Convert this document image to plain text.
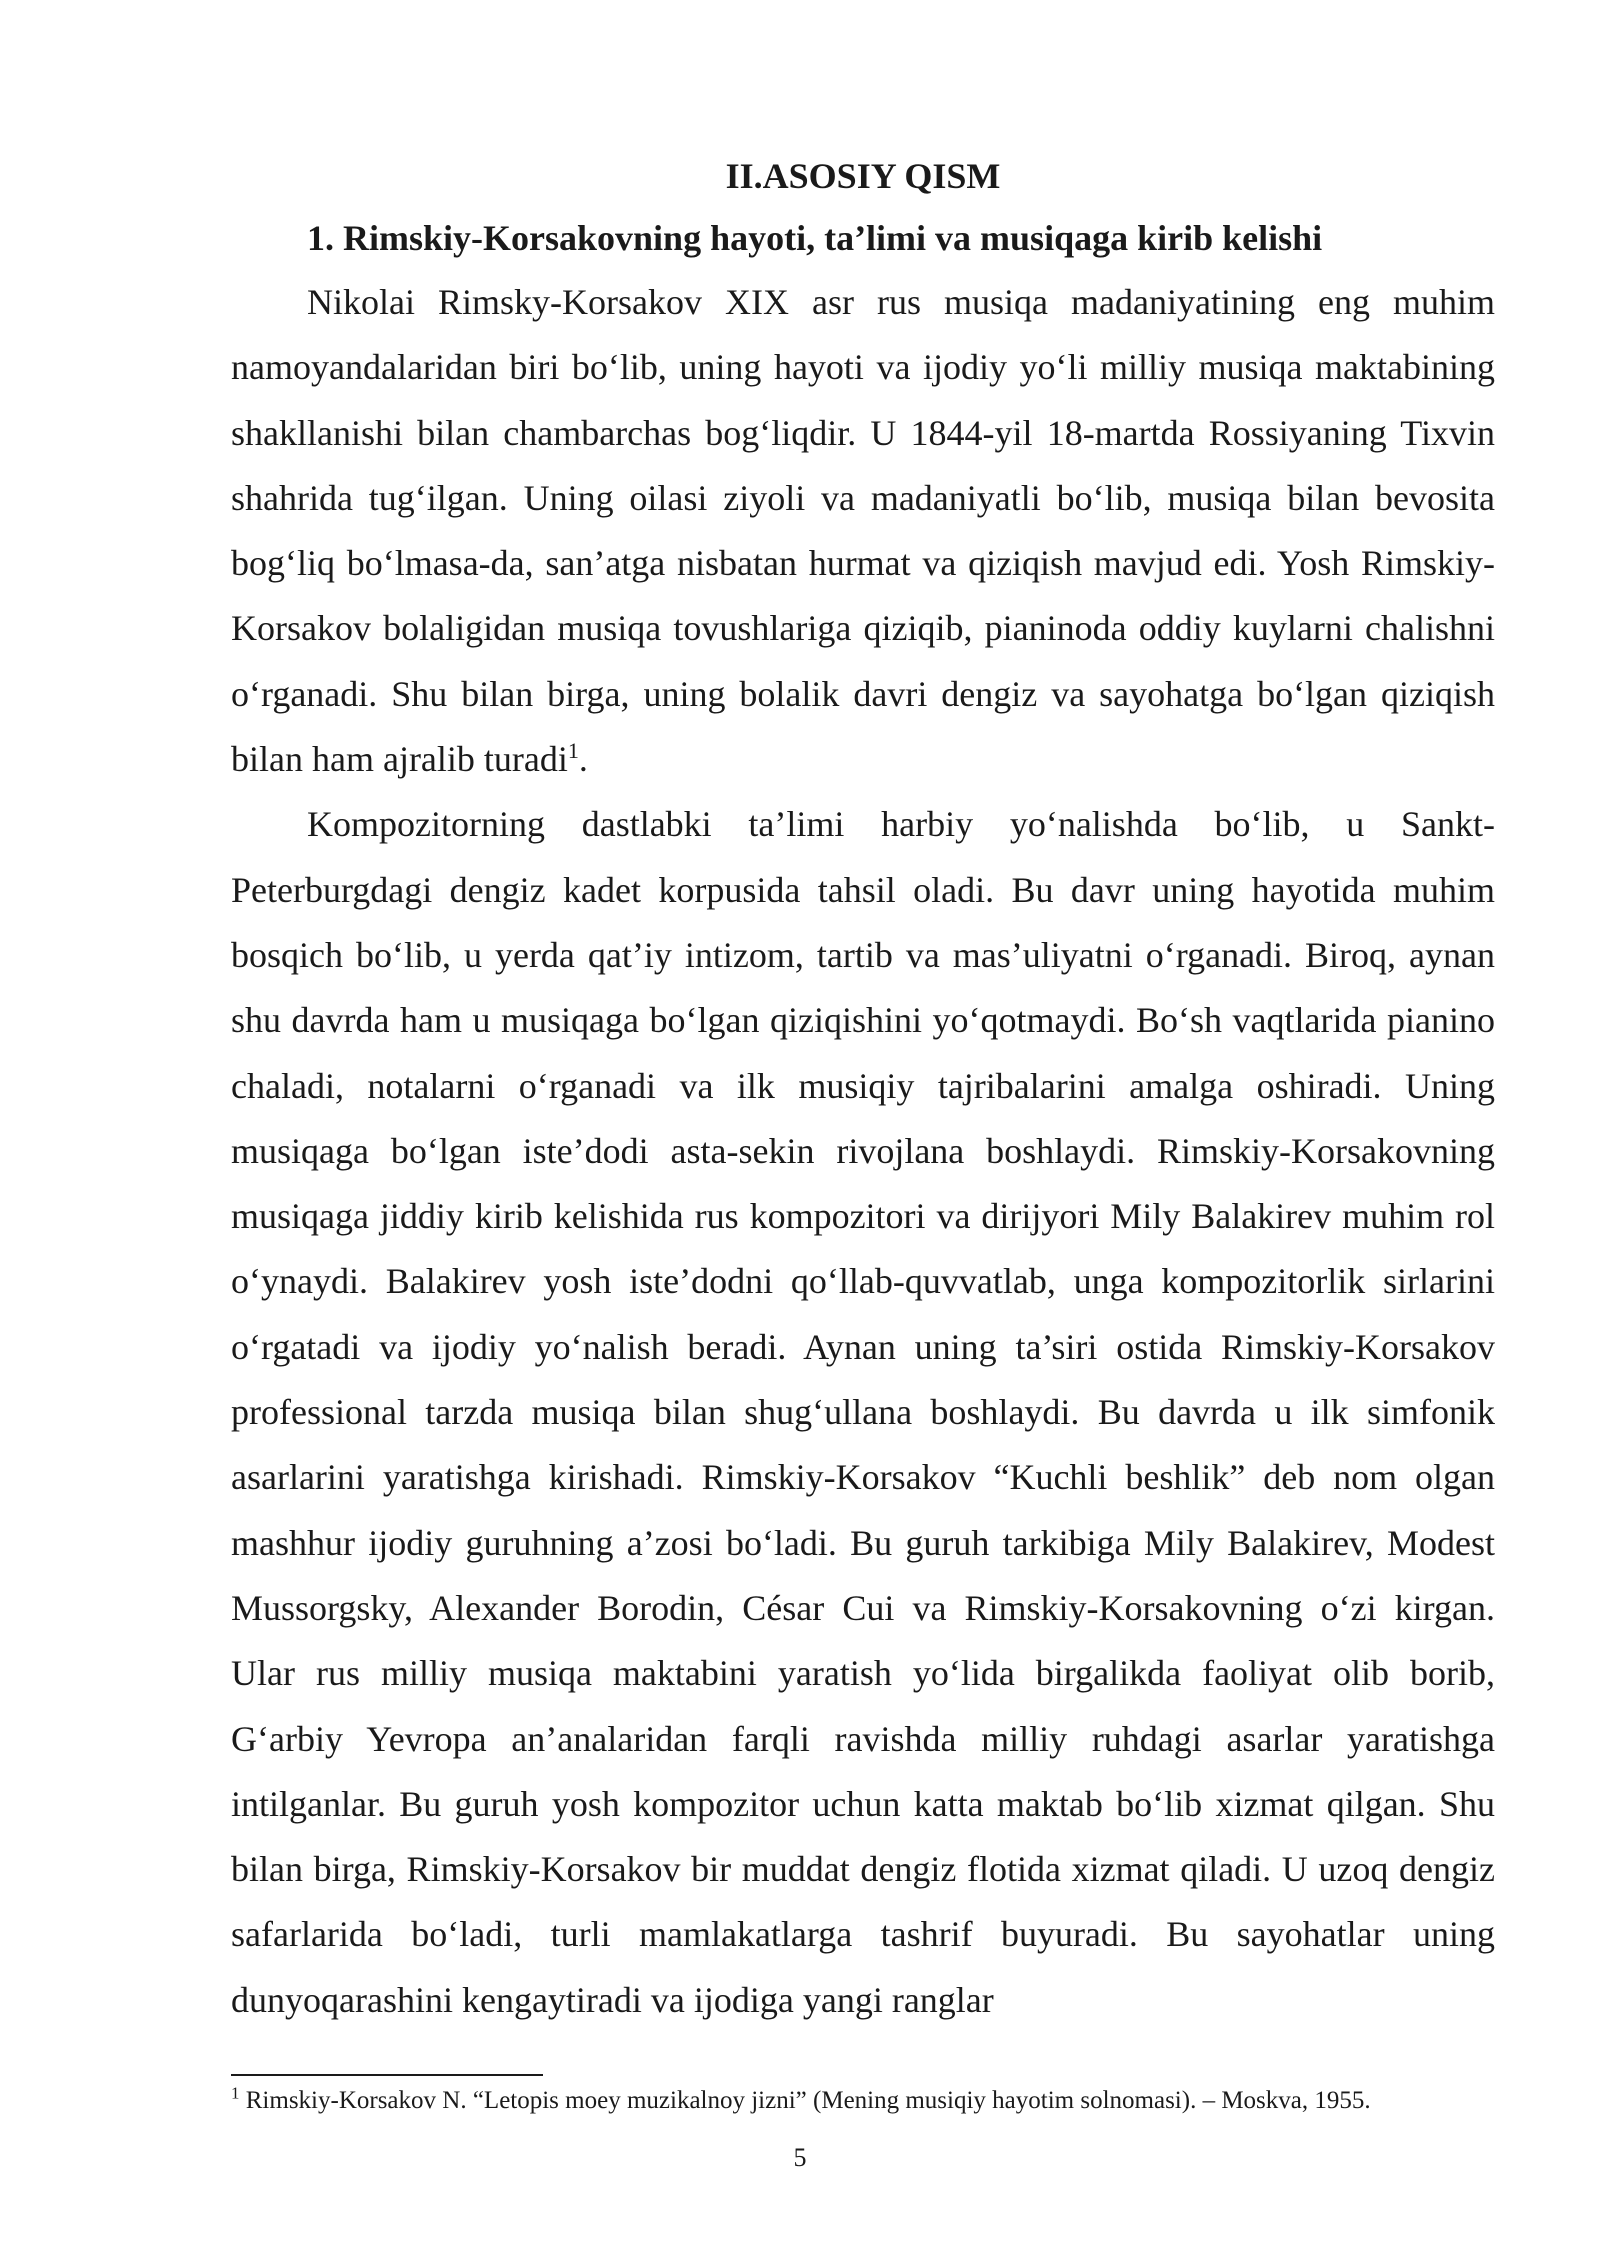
II.ASOSIY QISM
1. Rimskiy-Korsakovning hayoti, ta’limi va musiqaga kirib kelishi

Nikolai Rimsky-Korsakov XIX asr rus musiqa madaniyatining eng muhim namoyandalaridan biri bo‘lib, uning hayoti va ijodiy yo‘li milliy musiqa maktabining shakllanishi bilan chambarchas bog‘liqdir. U 1844-yil 18-martda Rossiyaning Tixvin shahrida tug‘ilgan. Uning oilasi ziyoli va madaniyatli bo‘lib, musiqa bilan bevosita bog‘liq bo‘lmasa-da, san’atga nisbatan hurmat va qiziqish mavjud edi. Yosh Rimskiy-Korsakov bolaligidan musiqa tovushlariga qiziqib, pianinoda oddiy kuylarni chalishni o‘rganadi. Shu bilan birga, uning bolalik davri dengiz va sayohatga bo‘lgan qiziqish bilan ham ajralib turadi$^1$.

Kompozitorning dastlabki ta’limi harbiy yo‘nalishda bo‘lib, u Sankt-Peterburgdagi dengiz kadet korpusida tahsil oladi. Bu davr uning hayotida muhim bosqich bo‘lib, u yerda qat’iy intizom, tartib va mas’uliyatni o‘rganadi. Biroq, aynan shu davrda ham u musiqaga bo‘lgan qiziqishini yo‘qotmaydi. Bo‘sh vaqtlarida pianino chaladi, notalarni o‘rganadi va ilk musiqiy tajribalarini amalga oshiradi. Uning musiqaga bo‘lgan iste’dodi asta-sekin rivojlana boshlaydi. Rimskiy-Korsakovning musiqaga jiddiy kirib kelishida rus kompozitori va dirijyori Mily Balakirev muhim rol o‘ynaydi. Balakirev yosh iste’dodni qo‘llab-quvvatlab, unga kompozitorlik sirlarini o‘rgatadi va ijodiy yo‘nalish beradi. Aynan uning ta’siri ostida Rimskiy-Korsakov professional tarzda musiqa bilan shug‘ullana boshlaydi. Bu davrda u ilk simfonik asarlarini yaratishga kirishadi. Rimskiy-Korsakov “Kuchli beshlik” deb nom olgan mashhur ijodiy guruhning a’zosi bo‘ladi. Bu guruh tarkibiga Mily Balakirev, Modest Mussorgsky, Alexander Borodin, César Cui va Rimskiy-Korsakovning o‘zi kirgan. Ular rus milliy musiqa maktabini yaratish yo‘lida birgalikda faoliyat olib borib, G‘arbiy Yevropa an’analaridan farqli ravishda milliy ruhdagi asarlar yaratishga intilganlar. Bu guruh yosh kompozitor uchun katta maktab bo‘lib xizmat qilgan. Shu bilan birga, Rimskiy-Korsakov bir muddat dengiz flotida xizmat qiladi. U uzoq dengiz safarlarida bo‘ladi, turli mamlakatlarga tashrif buyuradi. Bu sayohatlar uning dunyoqarashini kengaytiradi va ijodiga yangi ranglar

$^1$ Rimskiy-Korsakov N. “Letopis moey muzikalnoy jizni” (Mening musiqiy hayotim solnomasi). – Moskva, 1955.
5
